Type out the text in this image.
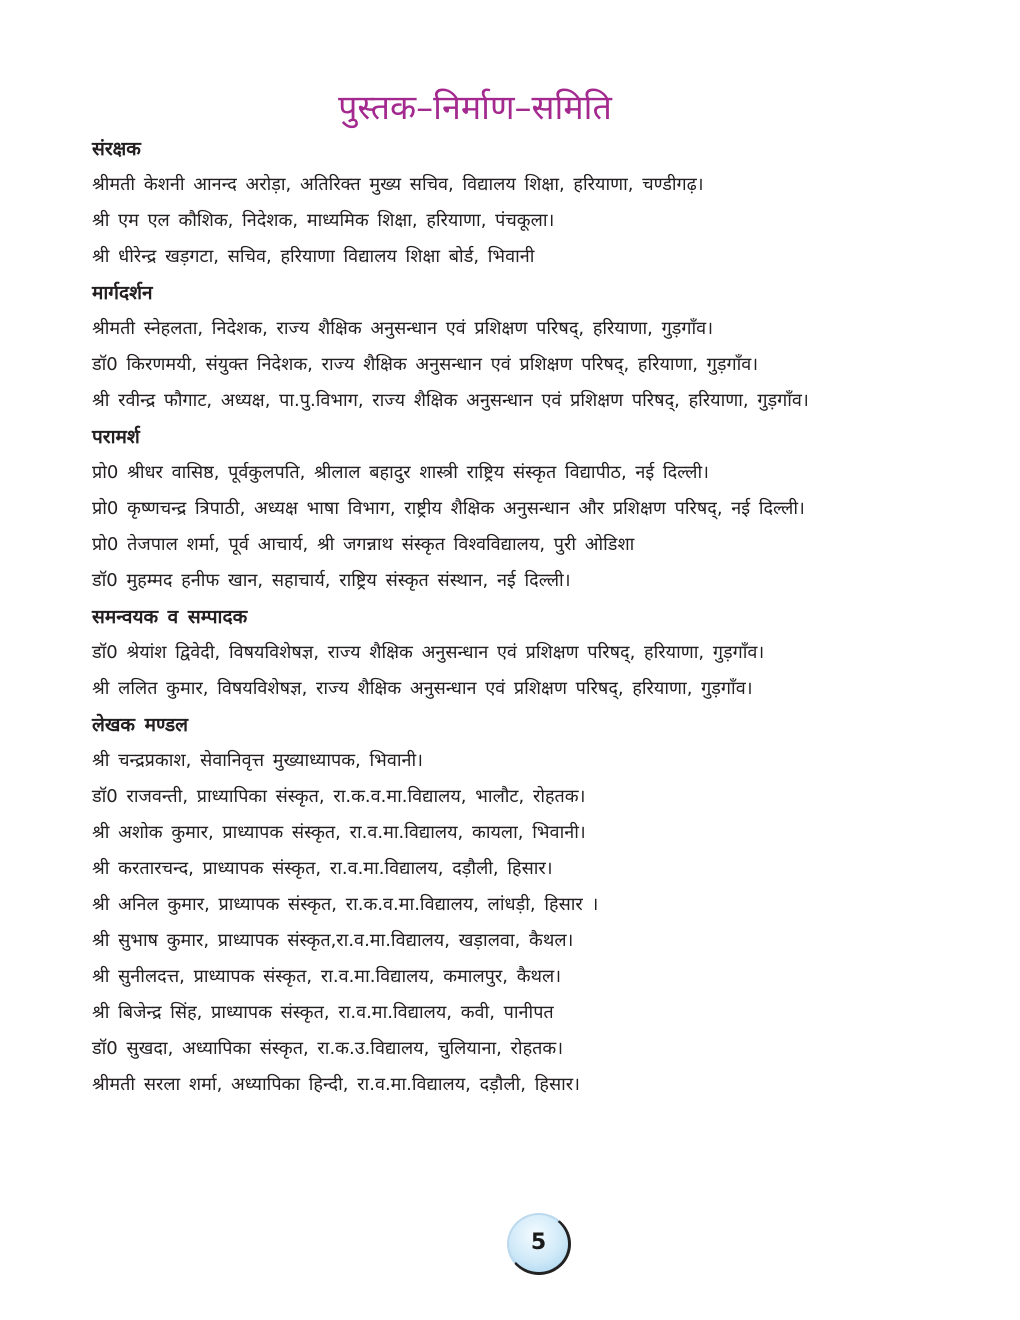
पुस्तक–निर्माण–समिति
संरक्षक
श्रीमती केशनी आनन्द अरोड़ा, अतिरिक्त मुख्य सचिव, विद्यालय शिक्षा, हरियाणा, चण्डीगढ़।
श्री एम एल कौशिक, निदेशक, माध्यमिक शिक्षा, हरियाणा, पंचकूला।
श्री धीरेन्द्र खड़गटा, सचिव, हरियाणा विद्यालय शिक्षा बोर्ड, भिवानी
मार्गदर्शन
श्रीमती स्नेहलता, निदेशक, राज्य शैक्षिक अनुसन्धान एवं प्रशिक्षण परिषद्, हरियाणा, गुड़गाँव।
डॉ0 किरणमयी, संयुक्त निदेशक, राज्य शैक्षिक अनुसन्धान एवं प्रशिक्षण परिषद्, हरियाणा, गुड़गाँव।
श्री रवीन्द्र फौगाट, अध्यक्ष, पा.पु.विभाग, राज्य शैक्षिक अनुसन्धान एवं प्रशिक्षण परिषद्, हरियाणा, गुड़गाँव।
परामर्श
प्रो0 श्रीधर वासिष्ठ, पूर्वकुलपति, श्रीलाल बहादुर शास्त्री राष्ट्रिय संस्कृत विद्यापीठ, नई दिल्ली।
प्रो0 कृष्णचन्द्र त्रिपाठी, अध्यक्ष भाषा विभाग, राष्ट्रीय शैक्षिक अनुसन्धान और प्रशिक्षण परिषद्, नई दिल्ली।
प्रो0 तेजपाल शर्मा, पूर्व आचार्य, श्री जगन्नाथ संस्कृत विश्वविद्यालय, पुरी ओडिशा
डॉ0 मुहम्मद हनीफ खान, सहाचार्य, राष्ट्रिय संस्कृत संस्थान, नई दिल्ली।
समन्वयक व सम्पादक
डॉ0 श्रेयांश द्विवेदी, विषयविशेषज्ञ, राज्य शैक्षिक अनुसन्धान एवं प्रशिक्षण परिषद्, हरियाणा, गुड़गाँव।
श्री ललित कुमार, विषयविशेषज्ञ, राज्य शैक्षिक अनुसन्धान एवं प्रशिक्षण परिषद्, हरियाणा, गुड़गाँव।
लेखक मण्डल
श्री चन्द्रप्रकाश, सेवानिवृत्त मुख्याध्यापक, भिवानी।
डॉ0 राजवन्ती, प्राध्यापिका संस्कृत, रा.क.व.मा.विद्यालय, भालौट, रोहतक।
श्री अशोक कुमार, प्राध्यापक संस्कृत, रा.व.मा.विद्यालय, कायला, भिवानी।
श्री करतारचन्द, प्राध्यापक संस्कृत, रा.व.मा.विद्यालय, दड़ौली, हिसार।
श्री अनिल कुमार, प्राध्यापक संस्कृत, रा.क.व.मा.विद्यालय, लांधड़ी, हिसार ।
श्री सुभाष कुमार, प्राध्यापक संस्कृत,रा.व.मा.विद्यालय, खड़ालवा, कैथल।
श्री सुनीलदत्त, प्राध्यापक संस्कृत, रा.व.मा.विद्यालय, कमालपुर, कैथल।
श्री बिजेन्द्र सिंह, प्राध्यापक संस्कृत, रा.व.मा.विद्यालय, कवी, पानीपत
डॉ0 सुखदा, अध्यापिका संस्कृत, रा.क.उ.विद्यालय, चुलियाना, रोहतक।
श्रीमती सरला शर्मा, अध्यापिका हिन्दी, रा.व.मा.विद्यालय, दड़ौली, हिसार।
5
